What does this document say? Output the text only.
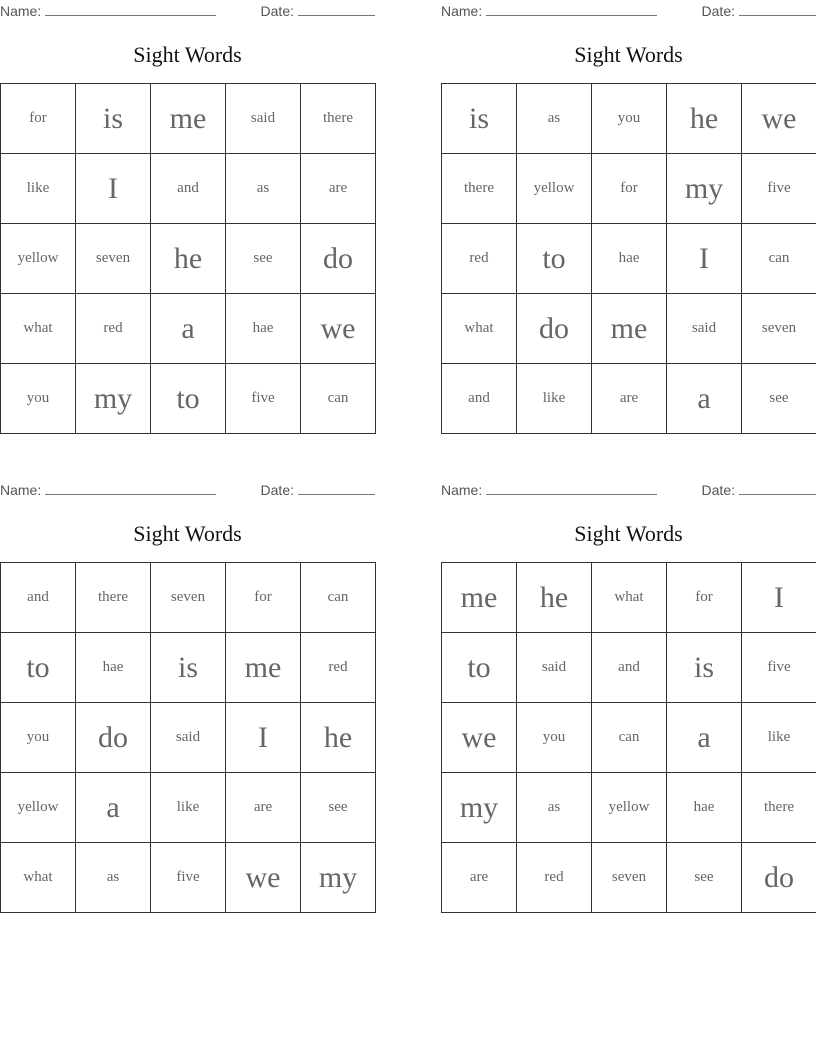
Name:	Date:
Sight Words
for	is	me	said	there
like	I	and	as	are
yellow	seven	he	see	do
what	red	a	hae	we
you	my	to	five	can
Name:	Date:
Sight Words
is	as	you	he	we
there	yellow	for	my	five
red	to	hae	I	can
what	do	me	said	seven
and	like	are	a	see
Name:	Date:
Sight Words
and	there	seven	for	can
to	hae	is	me	red
you	do	said	I	he
yellow	a	like	are	see
what	as	five	we	my
Name:	Date:
Sight Words
me	he	what	for	I
to	said	and	is	five
we	you	can	a	like
my	as	yellow	hae	there
are	red	seven	see	do
